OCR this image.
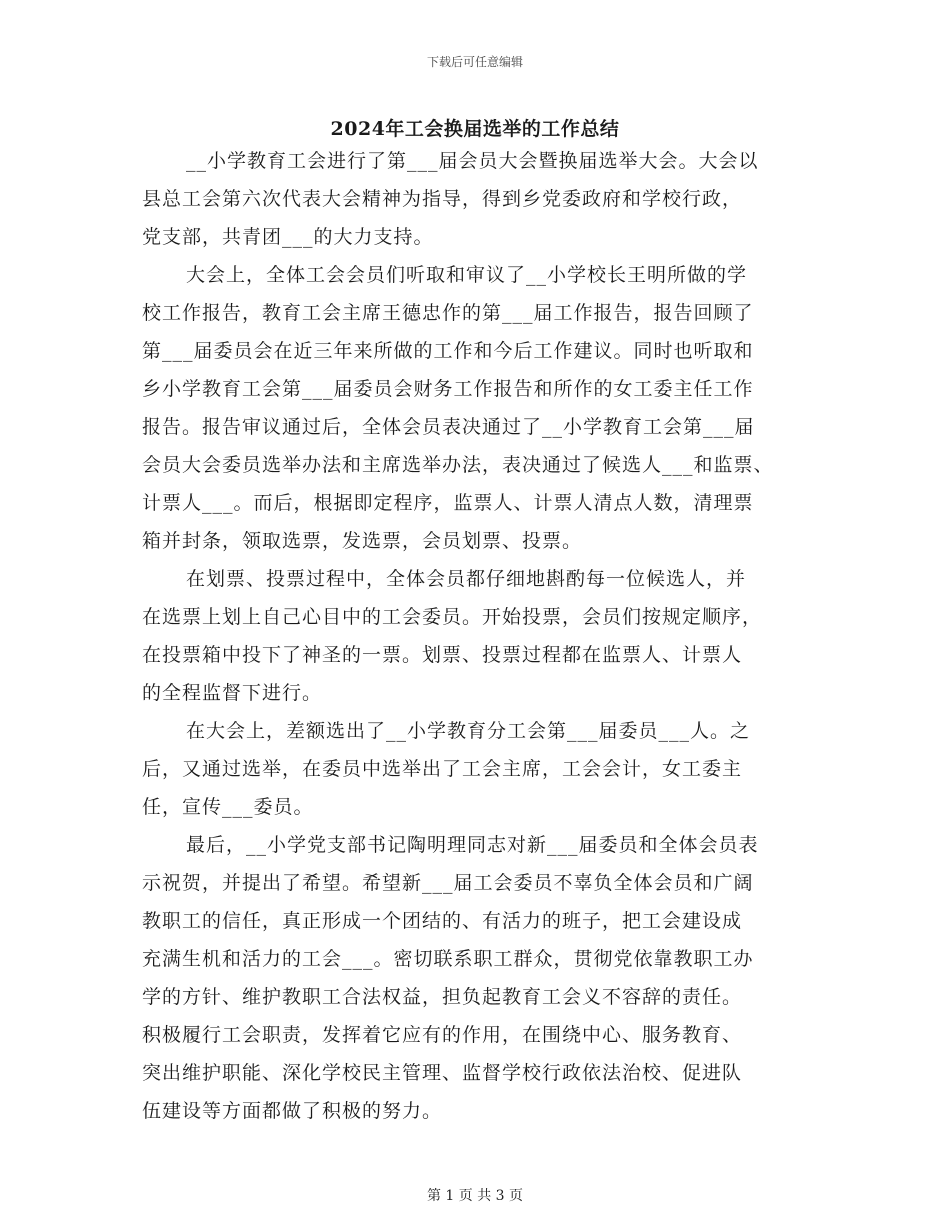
下载后可任意编辑
2024年工会换届选举的工作总结
__小学教育工会进行了第___届会员大会暨换届选举大会。大会以
县总工会第六次代表大会精神为指导，得到乡党委政府和学校行政，
党支部，共青团___的大力支持。
大会上，全体工会会员们听取和审议了__小学校长王明所做的学
校工作报告，教育工会主席王德忠作的第___届工作报告，报告回顾了
第___届委员会在近三年来所做的工作和今后工作建议。同时也听取和
乡小学教育工会第___届委员会财务工作报告和所作的女工委主任工作
报告。报告审议通过后，全体会员表决通过了__小学教育工会第___届
会员大会委员选举办法和主席选举办法，表决通过了候选人___和监票、
计票人___。而后，根据即定程序，监票人、计票人清点人数，清理票
箱并封条，领取选票，发选票，会员划票、投票。
在划票、投票过程中，全体会员都仔细地斟酌每一位候选人，并
在选票上划上自己心目中的工会委员。开始投票，会员们按规定顺序，
在投票箱中投下了神圣的一票。划票、投票过程都在监票人、计票人
的全程监督下进行。
在大会上，差额选出了__小学教育分工会第___届委员___人。之
后，又通过选举，在委员中选举出了工会主席，工会会计，女工委主
任，宣传___委员。
最后，__小学党支部书记陶明理同志对新___届委员和全体会员表
示祝贺，并提出了希望。希望新___届工会委员不辜负全体会员和广阔
教职工的信任，真正形成一个团结的、有活力的班子，把工会建设成
充满生机和活力的工会___。密切联系职工群众，贯彻党依靠教职工办
学的方针、维护教职工合法权益，担负起教育工会义不容辞的责任。
积极履行工会职责，发挥着它应有的作用，在围绕中心、服务教育、
突出维护职能、深化学校民主管理、监督学校行政依法治校、促进队
伍建设等方面都做了积极的努力。
第 1 页 共 3 页
